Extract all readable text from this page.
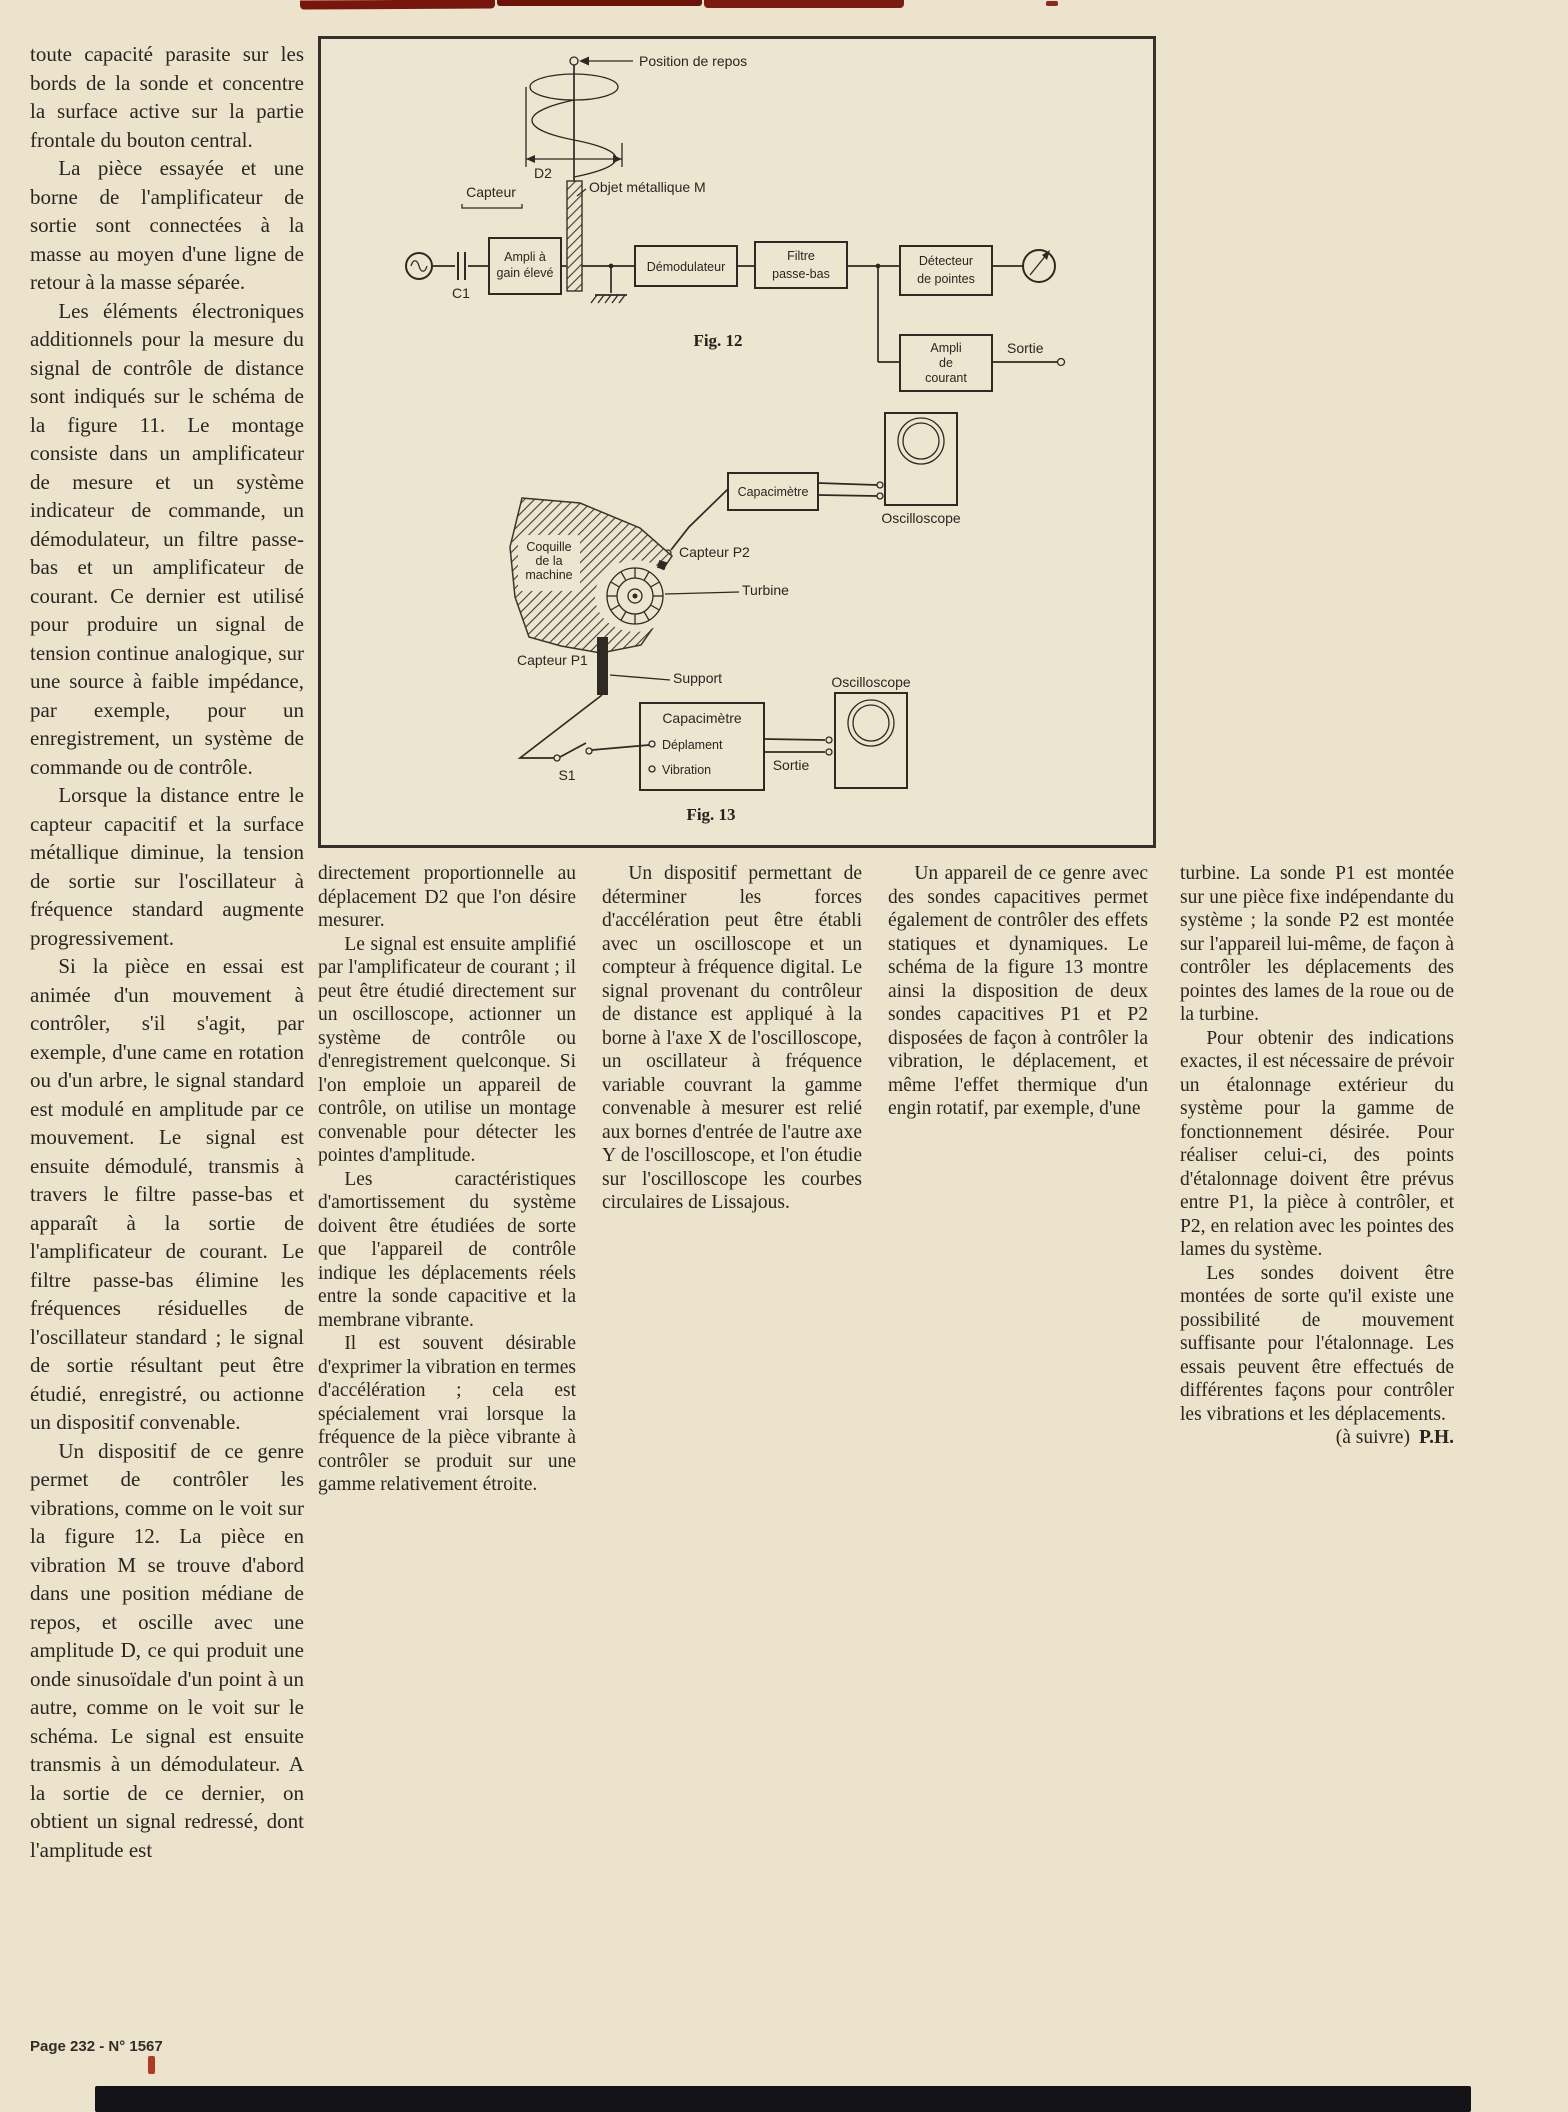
toute capacité parasite sur les bords de la sonde et concentre la surface active sur la partie frontale du bouton central.

La pièce essayée et une borne de l'amplificateur de sortie sont connectées à la masse au moyen d'une ligne de retour à la masse séparée.

Les éléments électroniques additionnels pour la mesure du signal de contrôle de distance sont indiqués sur le schéma de la figure 11. Le montage consiste dans un amplificateur de mesure et un système indicateur de commande, un démodulateur, un filtre passe-bas et un amplificateur de courant. Ce dernier est utilisé pour produire un signal de tension continue analogique, sur une source à faible impédance, par exemple, pour un enregistrement, un système de commande ou de contrôle.

Lorsque la distance entre le capteur capacitif et la surface métallique diminue, la tension de sortie sur l'oscillateur à fréquence standard augmente progressivement.

Si la pièce en essai est animée d'un mouvement à contrôler, s'il s'agit, par exemple, d'une came en rotation ou d'un arbre, le signal standard est modulé en amplitude par ce mouvement. Le signal est ensuite démodulé, transmis à travers le filtre passe-bas et apparaît à la sortie de l'amplificateur de courant. Le filtre passe-bas élimine les fréquences résiduelles de l'oscillateur standard ; le signal de sortie résultant peut être étudié, enregistré, ou actionne un dispositif convenable.

Un dispositif de ce genre permet de contrôler les vibrations, comme on le voit sur la figure 12. La pièce en vibration M se trouve d'abord dans une position médiane de repos, et oscille avec une amplitude D, ce qui produit une onde sinusoïdale d'un point à un autre, comme on le voit sur le schéma. Le signal est ensuite transmis à un démodulateur. A la sortie de ce dernier, on obtient un signal redressé, dont l'amplitude est

Position de repos
D2
Capteur	Objet métallique M
C1
Ampli à
gain élevé	Démodulateur
Filtre
passe-bas
Détecteur
de pointes
Ampli
de
courant
Sortie
Fig. 12
Capacimètre
Oscilloscope
Capteur P2
Coquille
de la
machine
Turbine
Capteur P1
Support
S1
Capacimètre
Déplament
Vibration	Sortie
Oscilloscope
Fig. 13

directement proportionnelle au déplacement D2 que l'on désire mesurer.

Le signal est ensuite amplifié par l'amplificateur de courant ; il peut être étudié directement sur un oscilloscope, actionner un système de contrôle ou d'enregistrement quelconque. Si l'on emploie un appareil de contrôle, on utilise un montage convenable pour détecter les pointes d'amplitude.

Les caractéristiques d'amortissement du système doivent être étudiées de sorte que l'appareil de contrôle indique les déplacements réels entre la sonde capacitive et la membrane vibrante.

Il est souvent désirable d'exprimer la vibration en termes d'accélération ; cela est spécialement vrai lorsque la fréquence de la pièce vibrante à contrôler se produit sur une gamme relativement étroite.

Un dispositif permettant de déterminer les forces d'accélération peut être établi avec un oscilloscope et un compteur à fréquence digital. Le signal provenant du contrôleur de distance est appliqué à la borne à l'axe X de l'oscilloscope, un oscillateur à fréquence variable couvrant la gamme convenable à mesurer est relié aux bornes d'entrée de l'autre axe Y de l'oscilloscope, et l'on étudie sur l'oscilloscope les courbes circulaires de Lissajous.

Un appareil de ce genre avec des sondes capacitives permet également de contrôler des effets statiques et dynamiques. Le schéma de la figure 13 montre ainsi la disposition de deux sondes capacitives P1 et P2 disposées de façon à contrôler la vibration, le déplacement, et même l'effet thermique d'un engin rotatif, par exemple, d'une

turbine. La sonde P1 est montée sur une pièce fixe indépendante du système ; la sonde P2 est montée sur l'appareil lui-même, de façon à contrôler les déplacements des pointes des lames de la roue ou de la turbine.

Pour obtenir des indications exactes, il est nécessaire de prévoir un étalonnage extérieur du système pour la gamme de fonctionnement désirée. Pour réaliser celui-ci, des points d'étalonnage doivent être prévus entre P1, la pièce à contrôler, et P2, en relation avec les pointes des lames du système.

Les sondes doivent être montées de sorte qu'il existe une possibilité de mouvement suffisante pour l'étalonnage. Les essais peuvent être effectués de différentes façons pour contrôler les vibrations et les déplacements.

(à suivre) P.H.

Page 232 - N° 1567
